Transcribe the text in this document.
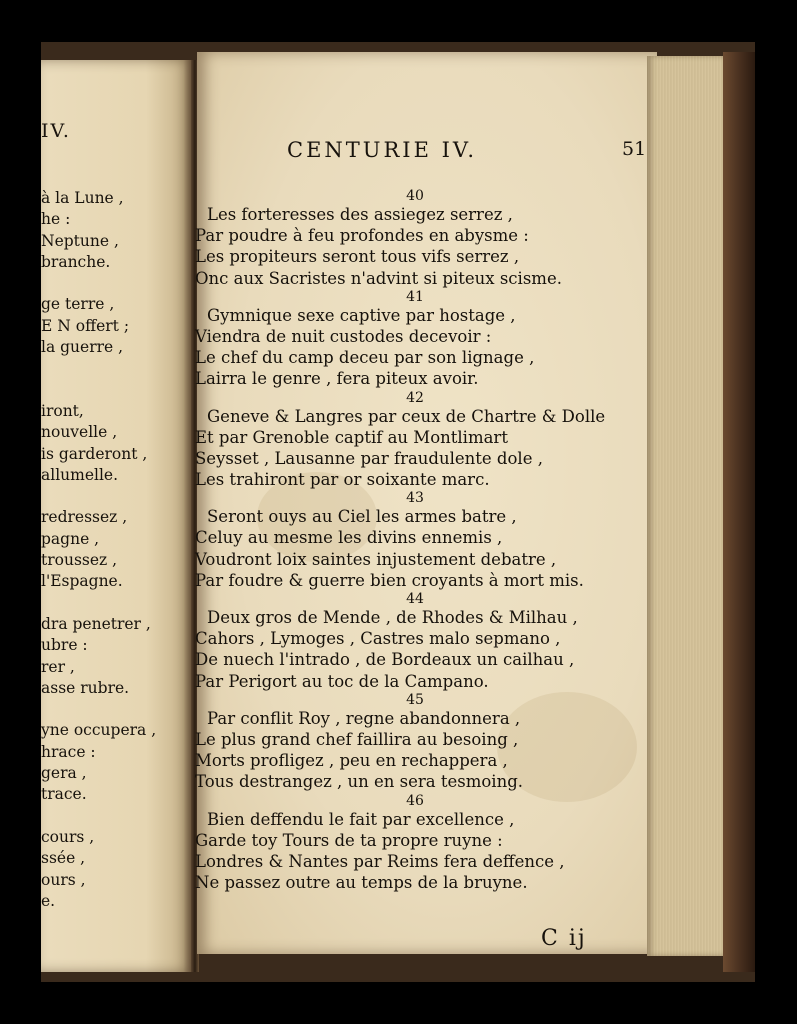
IV.
à la Lune ,
he :
Neptune ,
branche.
ge terre ,
E N offert ;
la guerre ,
iront,
nouvelle ,
is garderont ,
allumelle.
redressez ,
pagne ,
troussez ,
l'Espagne.
dra penetrer ,
ubre :
rer ,
asse rubre.
yne occupera ,
hrace :
gera ,
trace.
cours ,
ssée ,
ours ,
e.
CENTURIE IV.	51
40
Les forteresses des assiegez serrez ,
Par poudre à feu profondes en abysme :
Les propiteurs seront tous vifs serrez ,
Onc aux Sacristes n'advint si piteux scisme.
41
Gymnique sexe captive par hostage ,
Viendra de nuit custodes decevoir :
Le chef du camp deceu par son lignage ,
Lairra le genre , fera piteux avoir.
42
Geneve & Langres par ceux de Chartre & Dolle
Et par Grenoble captif au Montlimart
Seysset , Lausanne par fraudulente dole ,
Les trahiront par or soixante marc.
43
Seront ouys au Ciel les armes batre ,
Celuy au mesme les divins ennemis ,
Voudront loix saintes injustement debatre ,
Par foudre & guerre bien croyants à mort mis.
44
Deux gros de Mende , de Rhodes & Milhau ,
Cahors , Lymoges , Castres malo sepmano ,
De nuech l'intrado , de Bordeaux un cailhau ,
Par Perigort au toc de la Campano.
45
Par conflit Roy , regne abandonnera ,
Le plus grand chef faillira au besoing ,
Morts profligez , peu en rechappera ,
Tous destrangez , un en sera tesmoing.
46
Bien deffendu le fait par excellence ,
Garde toy Tours de ta propre ruyne :
Londres & Nantes par Reims fera deffence ,
Ne passez outre au temps de la bruyne.
C ij
